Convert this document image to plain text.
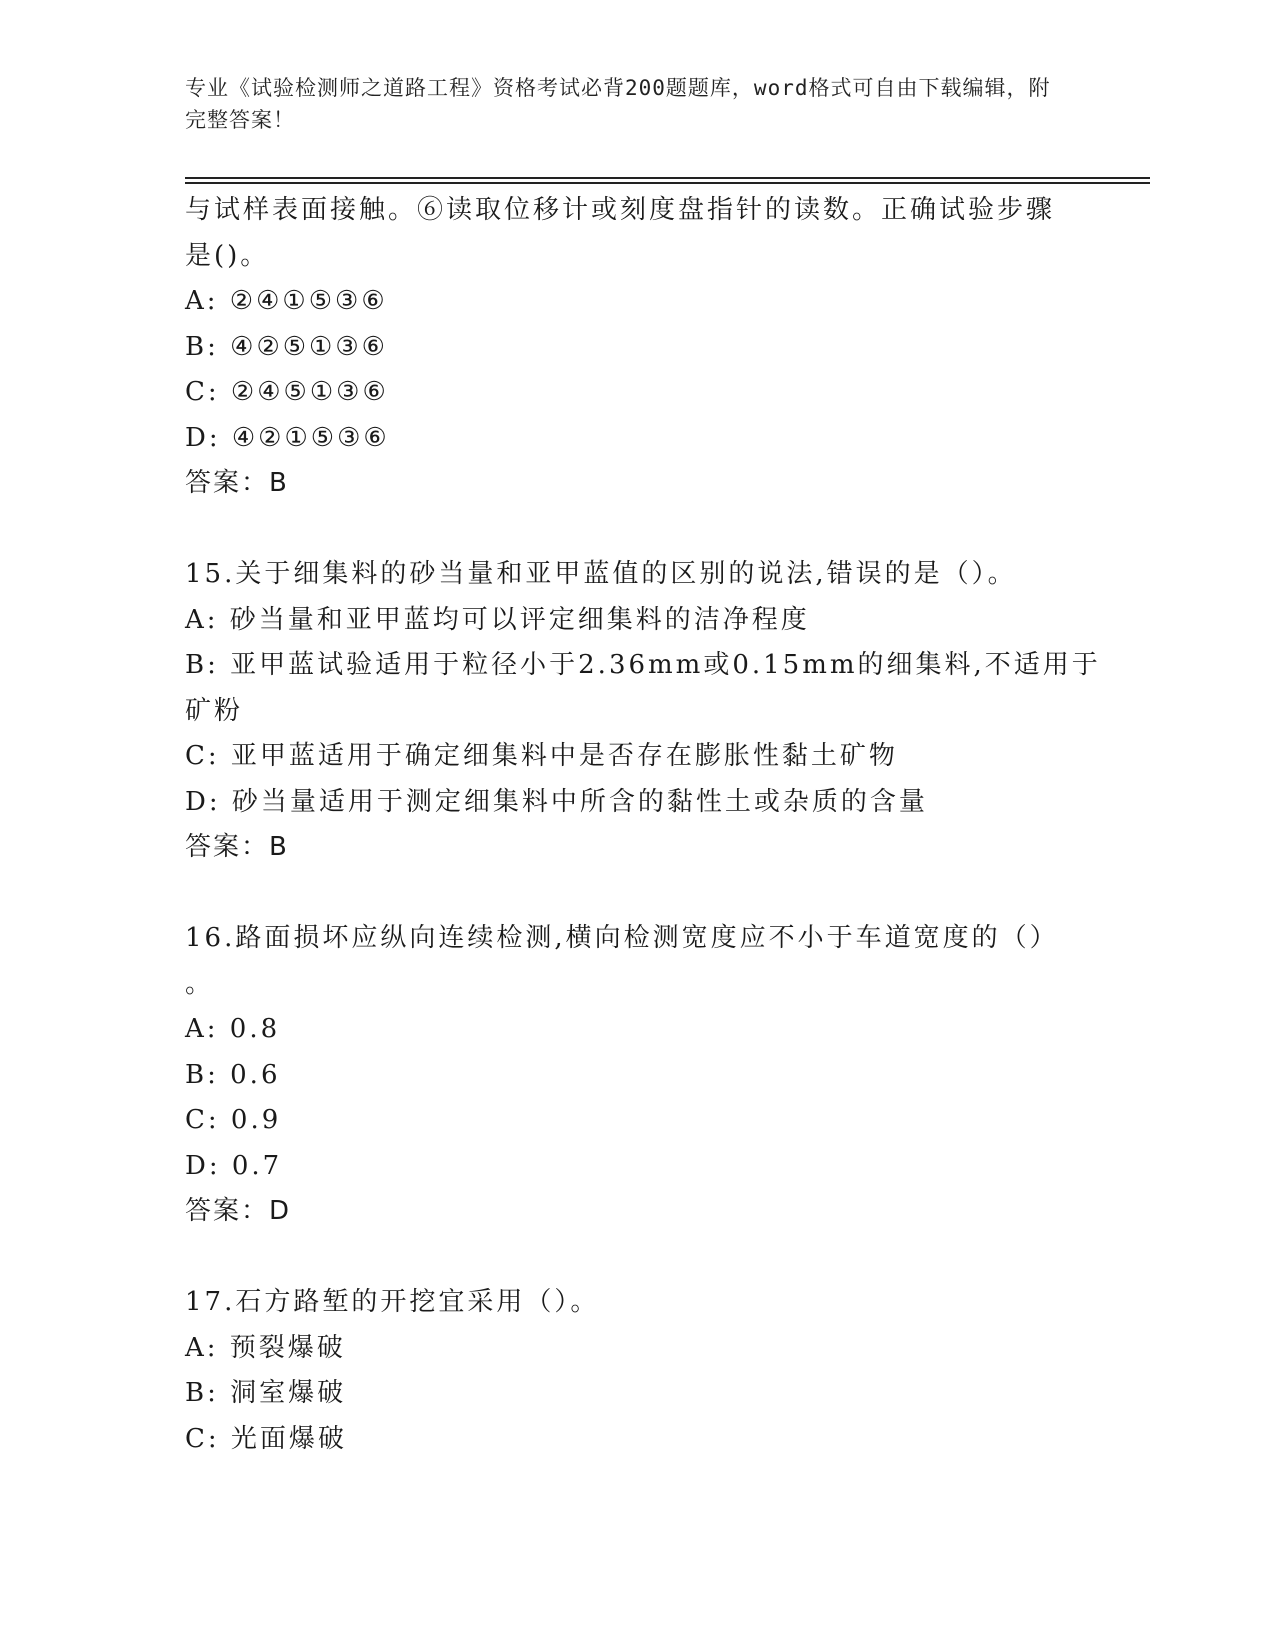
专业《试验检测师之道路工程》资格考试必背200题题库，word格式可自由下载编辑，附完整答案！
与试样表面接触。⑥读取位移计或刻度盘指针的读数。正确试验步骤
是()。
A: ②④①⑤③⑥
B: ④②⑤①③⑥
C: ②④⑤①③⑥
D: ④②①⑤③⑥
答案：B
15.关于细集料的砂当量和亚甲蓝值的区别的说法,错误的是（）。
A: 砂当量和亚甲蓝均可以评定细集料的洁净程度
B: 亚甲蓝试验适用于粒径小于2.36mm或0.15mm的细集料,不适用于
矿粉
C: 亚甲蓝适用于确定细集料中是否存在膨胀性黏土矿物
D: 砂当量适用于测定细集料中所含的黏性土或杂质的含量
答案：B
16.路面损坏应纵向连续检测,横向检测宽度应不小于车道宽度的（）
。
A: 0.8
B: 0.6
C: 0.9
D: 0.7
答案：D
17.石方路堑的开挖宜采用（）。
A: 预裂爆破
B: 洞室爆破
C: 光面爆破
